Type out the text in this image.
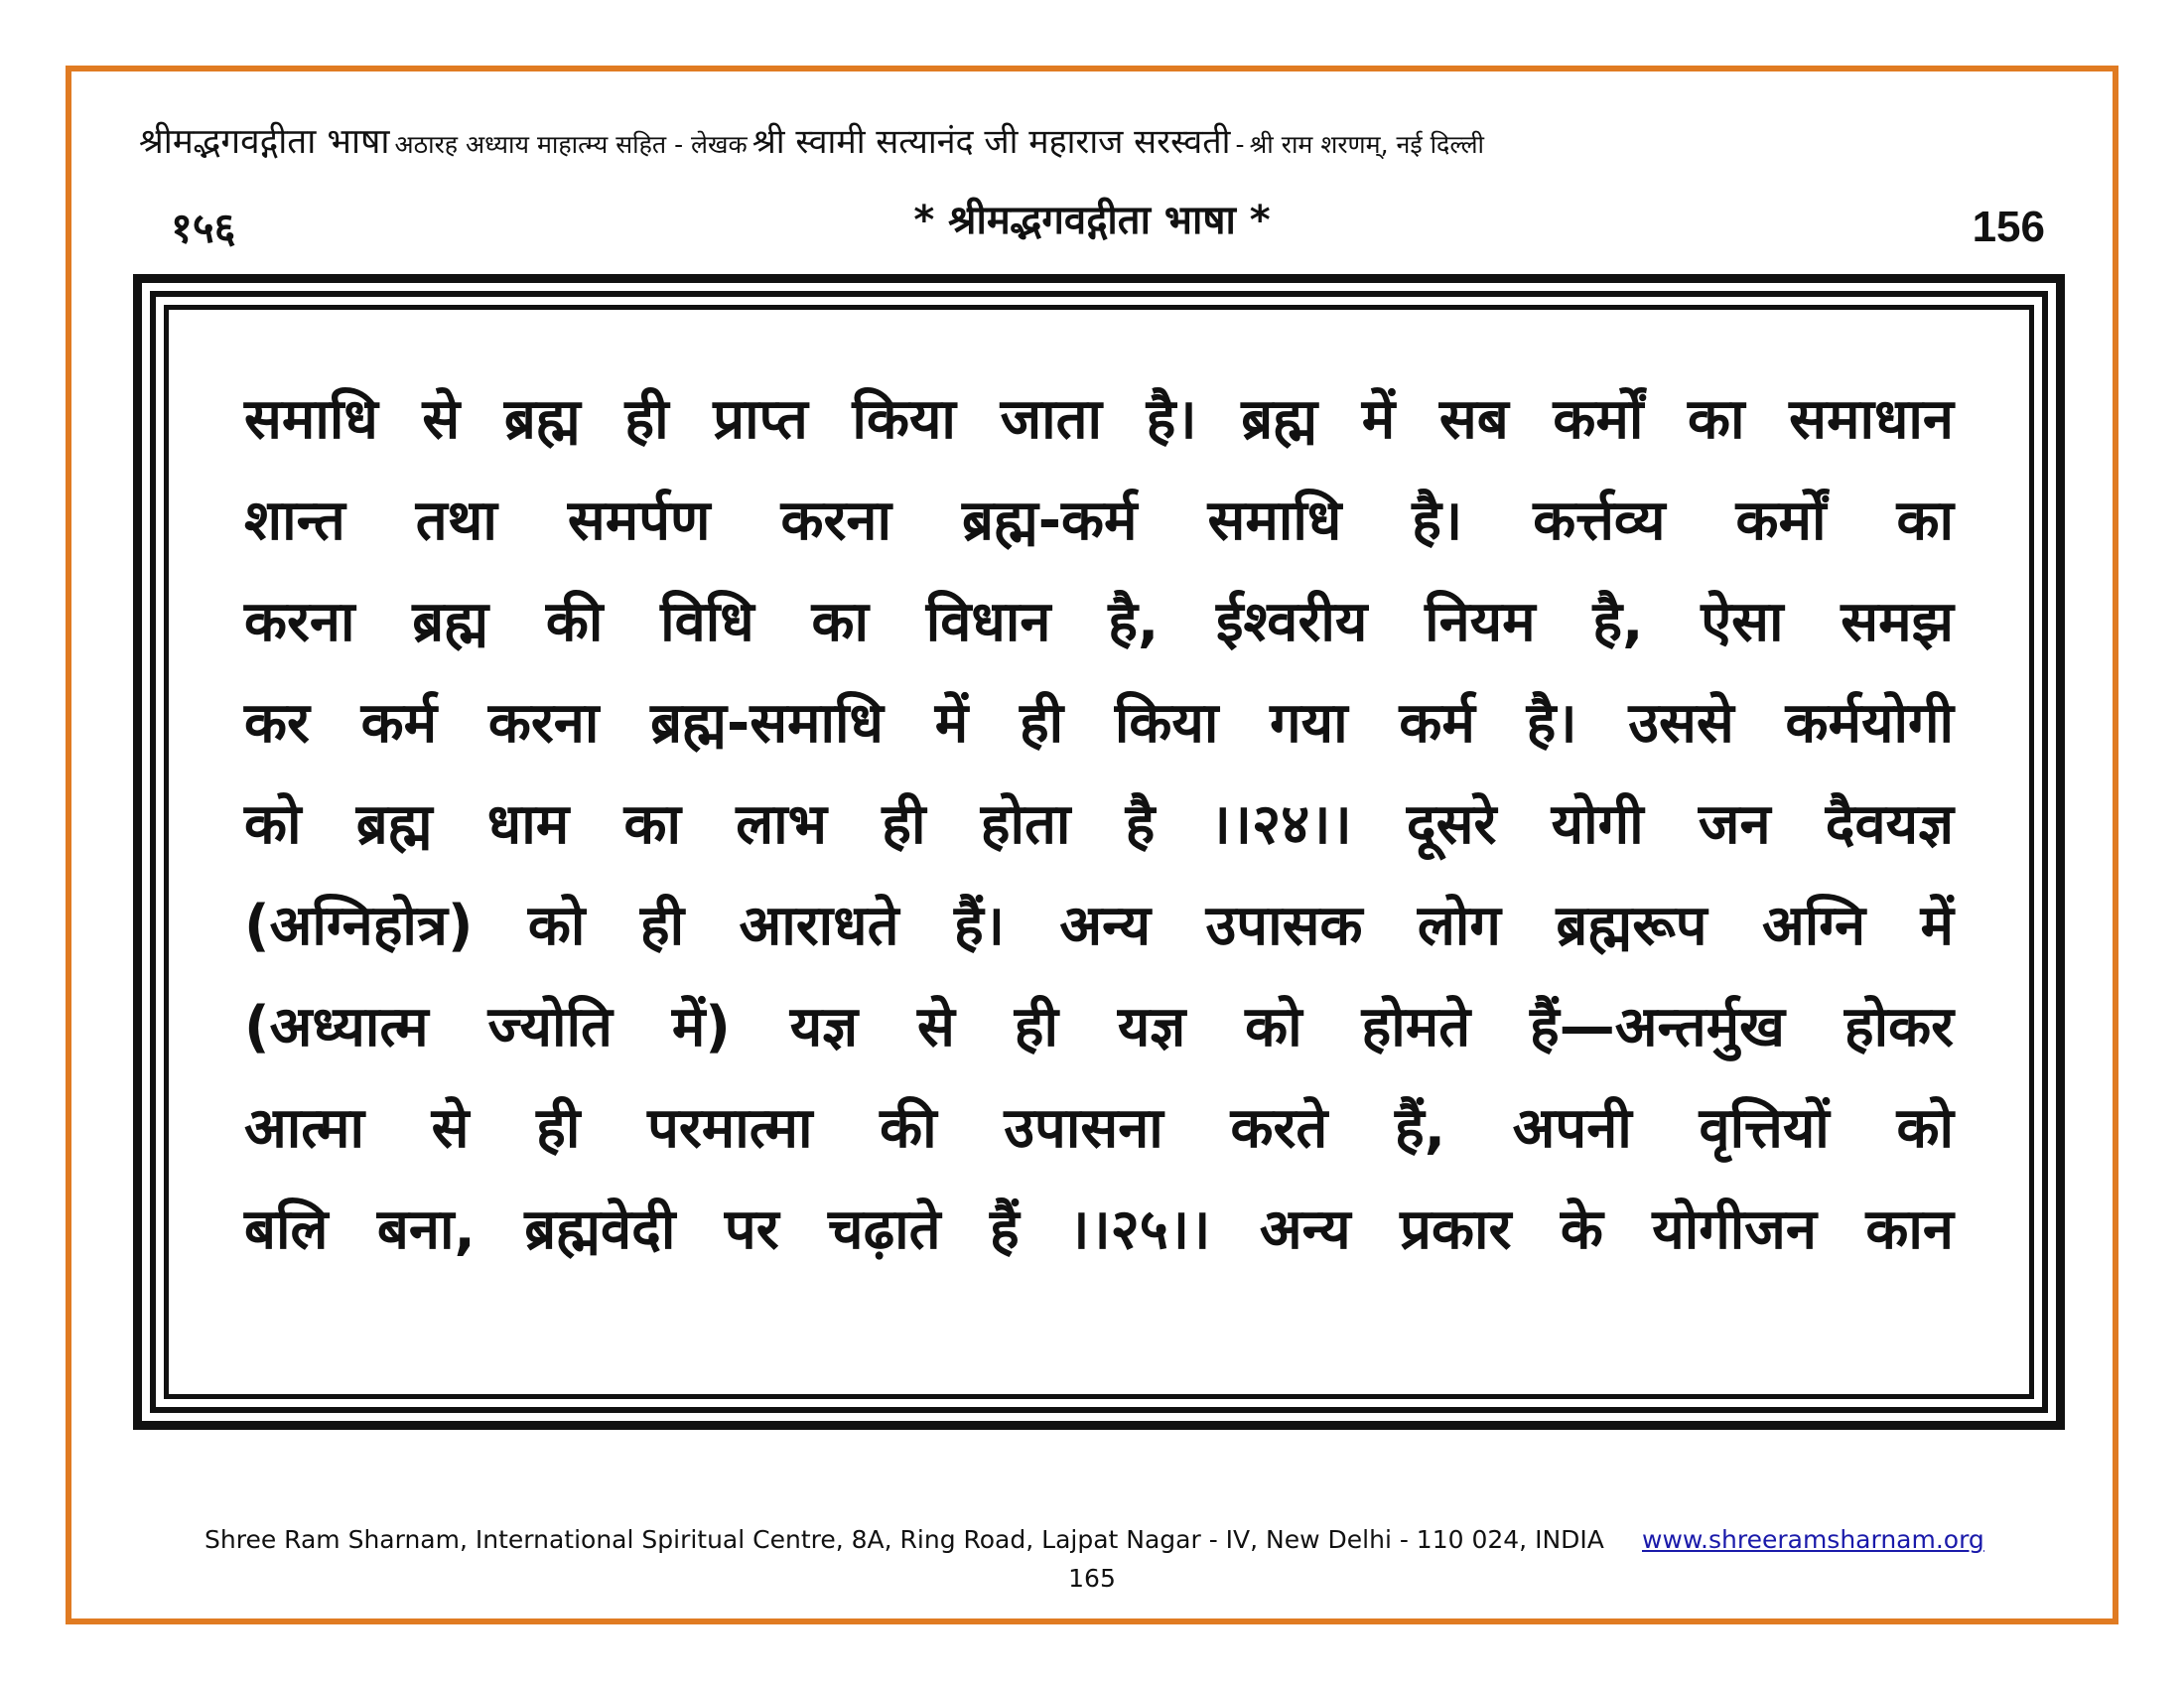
श्रीमद्भगवद्गीता भाषा अठारह अध्याय माहात्म्य सहित - लेखक श्री स्वामी सत्यानंद जी महाराज सरस्वती - श्री राम शरणम्, नई दिल्ली
१५६	* श्रीमद्भगवद्गीता भाषा *	156
समाधि से ब्रह्म ही प्राप्त किया जाता है। ब्रह्म में सब कर्मों का समाधान
शान्त तथा समर्पण करना ब्रह्म-कर्म समाधि है। कर्त्तव्य कर्मों का
करना ब्रह्म की विधि का विधान है, ईश्वरीय नियम है, ऐसा समझ
कर कर्म करना ब्रह्म-समाधि में ही किया गया कर्म है। उससे कर्मयोगी
को ब्रह्म धाम का लाभ ही होता है ।।२४।। दूसरे योगी जन दैवयज्ञ
(अग्निहोत्र) को ही आराधते हैं। अन्य उपासक लोग ब्रह्मरूप अग्नि में
(अध्यात्म ज्योति में) यज्ञ से ही यज्ञ को होमते हैं—अन्तर्मुख होकर
आत्मा से ही परमात्मा की उपासना करते हैं, अपनी वृत्तियों को
बलि बना, ब्रह्मवेदी पर चढ़ाते हैं ।।२५।। अन्य प्रकार के योगीजन कान
Shree Ram Sharnam, International Spiritual Centre, 8A, Ring Road, Lajpat Nagar - IV, New Delhi - 110 024, INDIA www.shreeramsharnam.org
165
